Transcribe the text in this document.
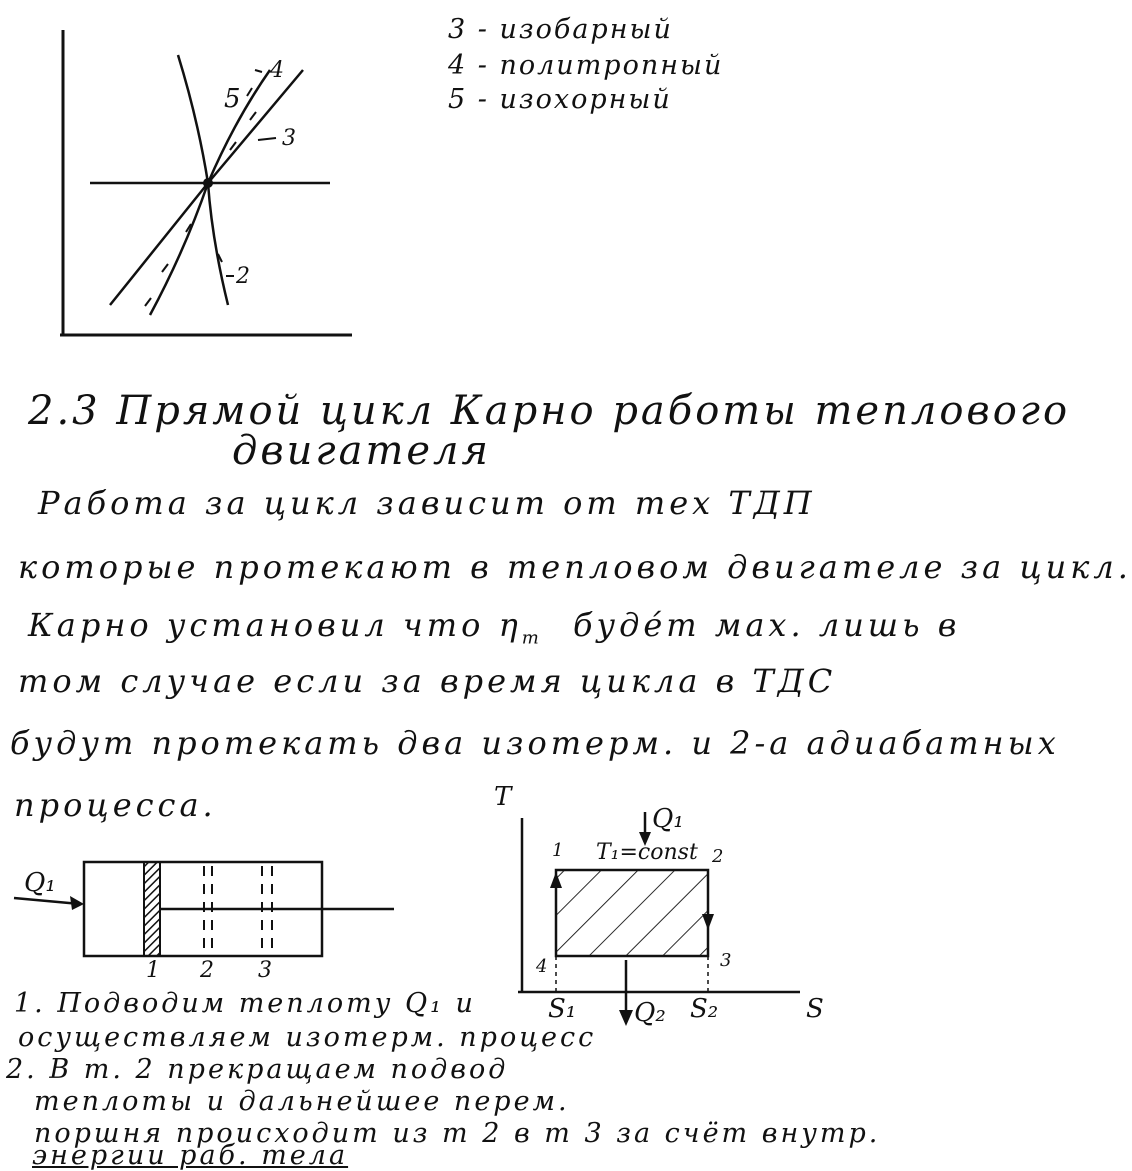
5
4
3
2
3 - изобарный
4 - политропный
5 - изохорный
2.3 Прямой цикл Карно работы теплового
двигателя
Работа за цикл зависит от тех ТДП
которые протекают в тепловом двигателе за цикл.
Карно установил что $\eta_т$ буде́т мах. лишь в
том случае если за время цикла в ТДС
будут протекать два изотерм. и 2-а адиабатных
процесса.
Q₁
1 2 3
T
S
Q₁
T₁=const
1	2
3
4
S₁ Q₂ S₂
1. Подводим теплоту Q₁ и
осуществляем изотерм. процесс
2. В т. 2 прекращаем подвод
теплоты и дальнейшее перем.
поршня происходит из т 2 в т 3 за счёт внутр.
энергии раб. тела
